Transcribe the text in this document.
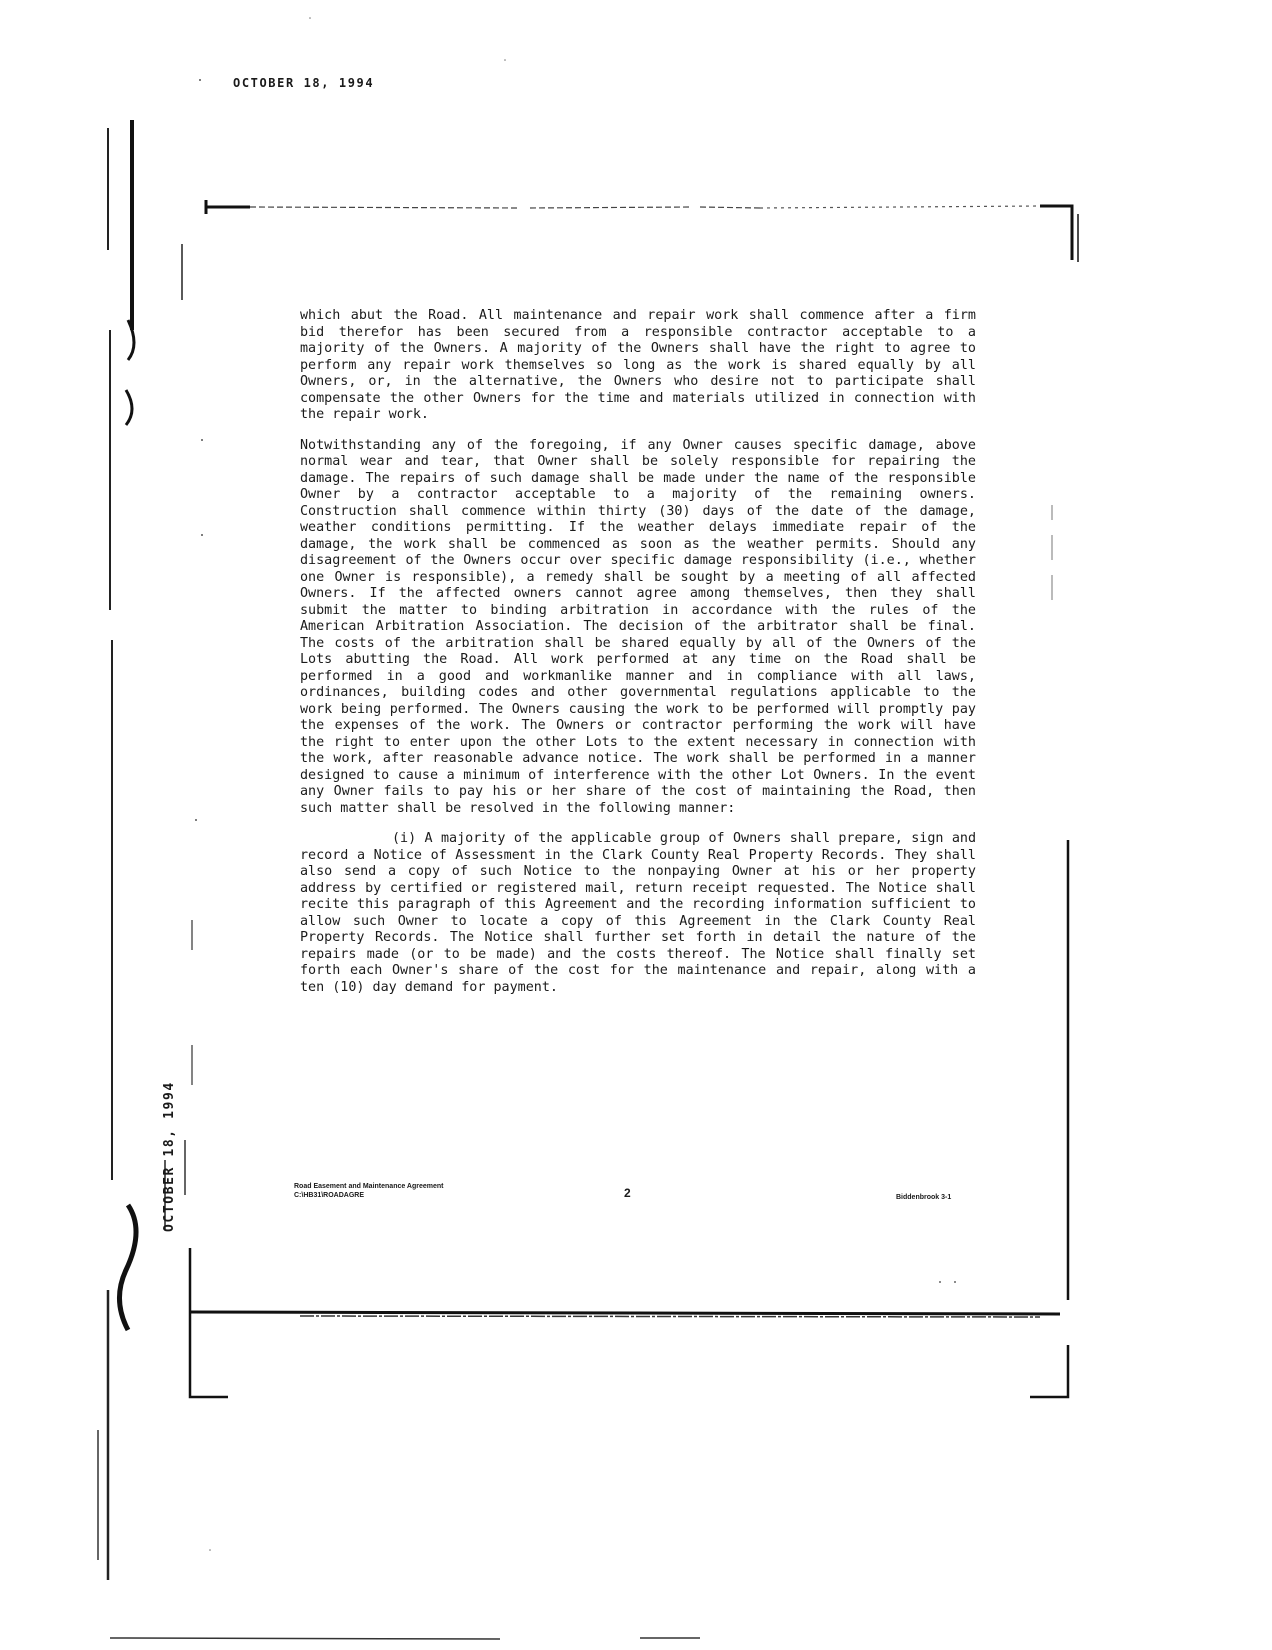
OCTOBER 18, 1994
OCTOBER 18, 1994

which abut the Road. All maintenance and repair work shall commence after a firm bid therefor has been secured from a responsible contractor acceptable to a majority of the Owners. A majority of the Owners shall have the right to agree to perform any repair work themselves so long as the work is shared equally by all Owners, or, in the alternative, the Owners who desire not to participate shall compensate the other Owners for the time and materials utilized in connection with the repair work.

Notwithstanding any of the foregoing, if any Owner causes specific damage, above normal wear and tear, that Owner shall be solely responsible for repairing the damage. The repairs of such damage shall be made under the name of the responsible Owner by a contractor acceptable to a majority of the remaining owners. Construction shall commence within thirty (30) days of the date of the damage, weather conditions permitting. If the weather delays immediate repair of the damage, the work shall be commenced as soon as the weather permits. Should any disagreement of the Owners occur over specific damage responsibility (i.e., whether one Owner is responsible), a remedy shall be sought by a meeting of all affected Owners. If the affected owners cannot agree among themselves, then they shall submit the matter to binding arbitration in accordance with the rules of the American Arbitration Association. The decision of the arbitrator shall be final. The costs of the arbitration shall be shared equally by all of the Owners of the Lots abutting the Road. All work performed at any time on the Road shall be performed in a good and workmanlike manner and in compliance with all laws, ordinances, building codes and other governmental regulations applicable to the work being performed. The Owners causing the work to be performed will promptly pay the expenses of the work. The Owners or contractor performing the work will have the right to enter upon the other Lots to the extent necessary in connection with the work, after reasonable advance notice. The work shall be performed in a manner designed to cause a minimum of interference with the other Lot Owners. In the event any Owner fails to pay his or her share of the cost of maintaining the Road, then such matter shall be resolved in the following manner:

(i) A majority of the applicable group of Owners shall prepare, sign and record a Notice of Assessment in the Clark County Real Property Records. They shall also send a copy of such Notice to the nonpaying Owner at his or her property address by certified or registered mail, return receipt requested. The Notice shall recite this paragraph of this Agreement and the recording information sufficient to allow such Owner to locate a copy of this Agreement in the Clark County Real Property Records. The Notice shall further set forth in detail the nature of the repairs made (or to be made) and the costs thereof. The Notice shall finally set forth each Owner's share of the cost for the maintenance and repair, along with a ten (10) day demand for payment.

Road Easement and Maintenance Agreement
C:\HB31\ROADAGRE	2	Biddenbrook 3-1
